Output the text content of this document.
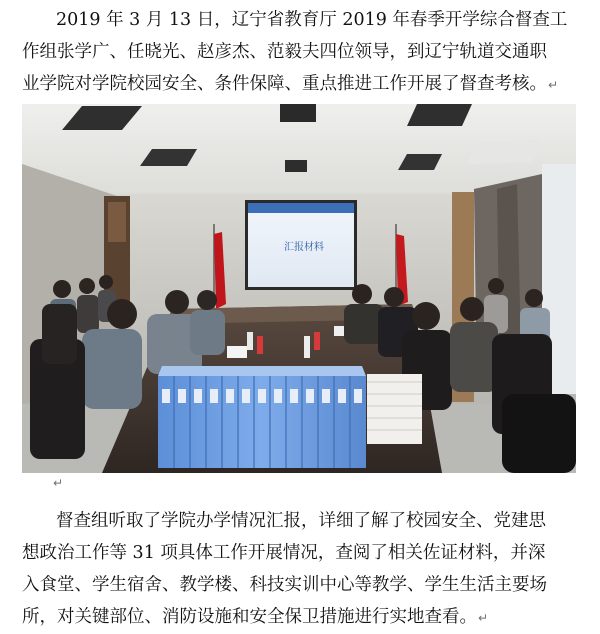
2019 年 3 月 13 日，辽宁省教育厅 2019 年春季开学综合督查工
作组张学广、任晓光、赵彦杰、范毅夫四位领导，到辽宁轨道交通职
业学院对学院校园安全、条件保障、重点推进工作开展了督查考核。↵
汇报材料
↵
督查组听取了学院办学情况汇报，详细了解了校园安全、党建思
想政治工作等 31 项具体工作开展情况，查阅了相关佐证材料，并深
入食堂、学生宿舍、教学楼、科技实训中心等教学、学生生活主要场
所，对关键部位、消防设施和安全保卫措施进行实地查看。↵
